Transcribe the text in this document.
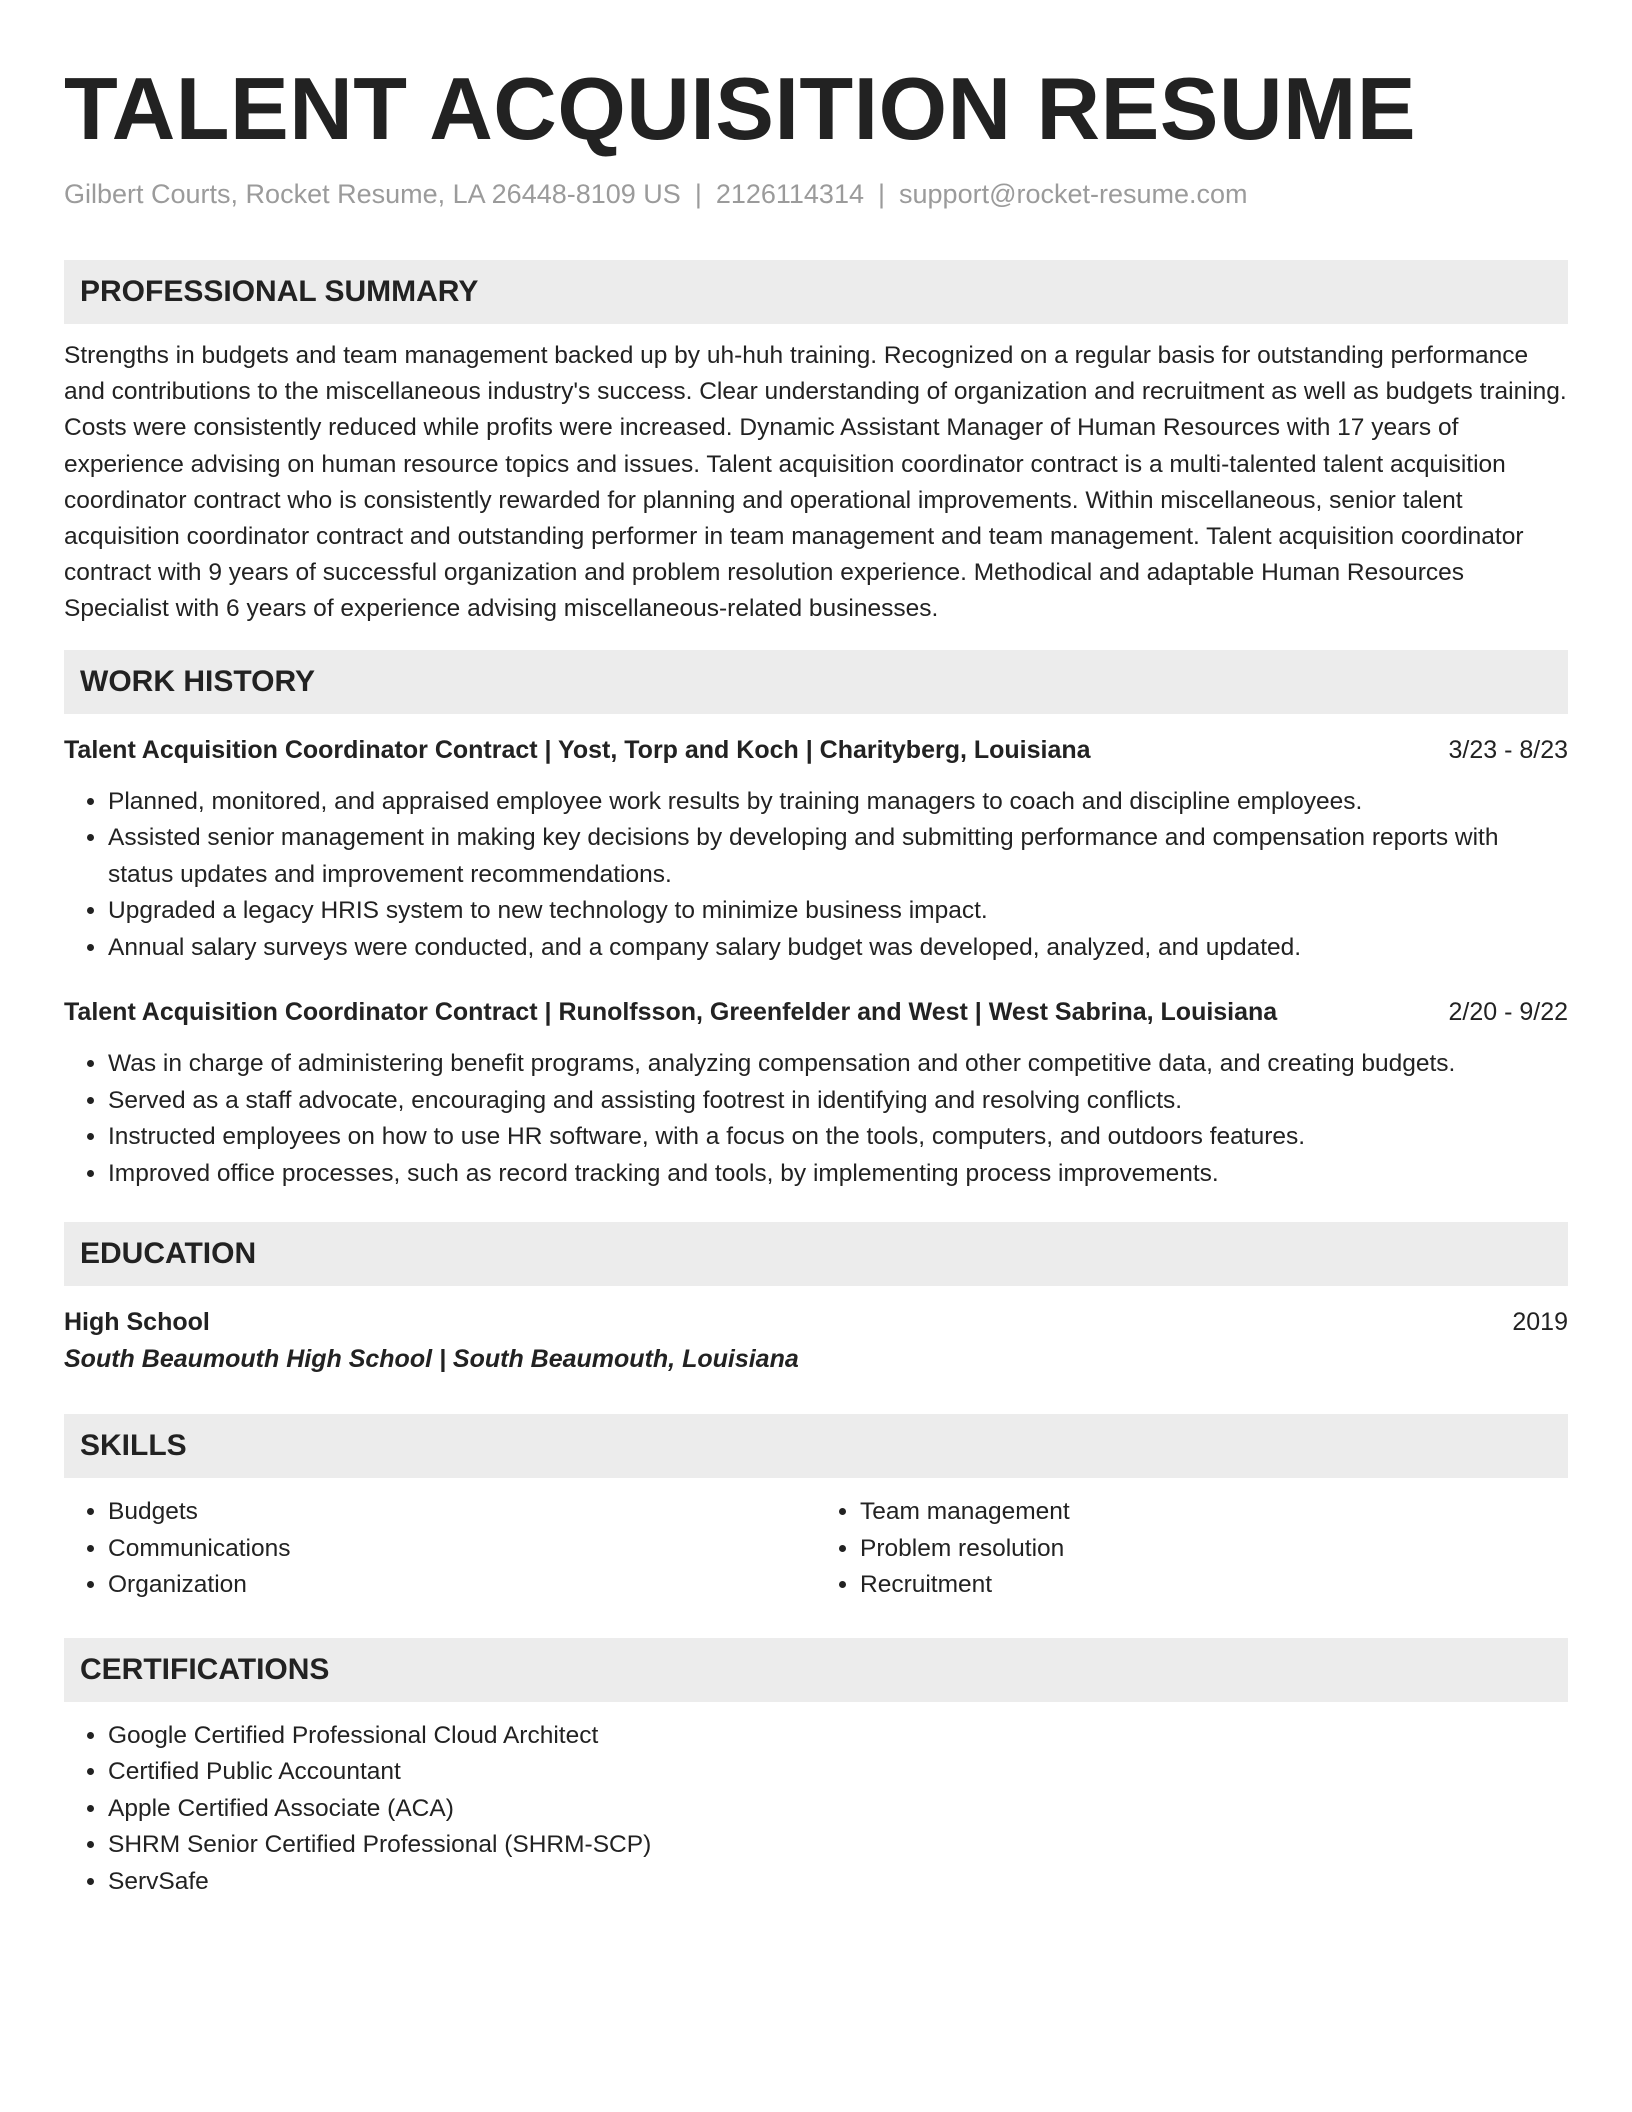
TALENT ACQUISITION RESUME
Gilbert Courts, Rocket Resume, LA 26448-8109 US | 2126114314 | support@rocket-resume.com
PROFESSIONAL SUMMARY

Strengths in budgets and team management backed up by uh-huh training. Recognized on a regular basis for outstanding performance and contributions to the miscellaneous industry's success. Clear understanding of organization and recruitment as well as budgets training. Costs were consistently reduced while profits were increased. Dynamic Assistant Manager of Human Resources with 17 years of experience advising on human resource topics and issues. Talent acquisition coordinator contract is a multi-talented talent acquisition coordinator contract who is consistently rewarded for planning and operational improvements. Within miscellaneous, senior talent acquisition coordinator contract and outstanding performer in team management and team management. Talent acquisition coordinator contract with 9 years of successful organization and problem resolution experience. Methodical and adaptable Human Resources Specialist with 6 years of experience advising miscellaneous-related businesses.

WORK HISTORY
Talent Acquisition Coordinator Contract | Yost, Torp and Koch | Charityberg, Louisiana	3/23 - 8/23
• Planned, monitored, and appraised employee work results by training managers to coach and discipline employees.
• Assisted senior management in making key decisions by developing and submitting performance and compensation reports with status updates and improvement recommendations.
• Upgraded a legacy HRIS system to new technology to minimize business impact.
• Annual salary surveys were conducted, and a company salary budget was developed, analyzed, and updated.
Talent Acquisition Coordinator Contract | Runolfsson, Greenfelder and West | West Sabrina, Louisiana	2/20 - 9/22
• Was in charge of administering benefit programs, analyzing compensation and other competitive data, and creating budgets.
• Served as a staff advocate, encouraging and assisting footrest in identifying and resolving conflicts.
• Instructed employees on how to use HR software, with a focus on the tools, computers, and outdoors features.
• Improved office processes, such as record tracking and tools, by implementing process improvements.
EDUCATION
High School	2019
South Beaumouth High School | South Beaumouth, Louisiana
SKILLS
• Budgets
• Communications
• Organization
• Team management
• Problem resolution
• Recruitment
CERTIFICATIONS
• Google Certified Professional Cloud Architect
• Certified Public Accountant
• Apple Certified Associate (ACA)
• SHRM Senior Certified Professional (SHRM-SCP)
• ServSafe
